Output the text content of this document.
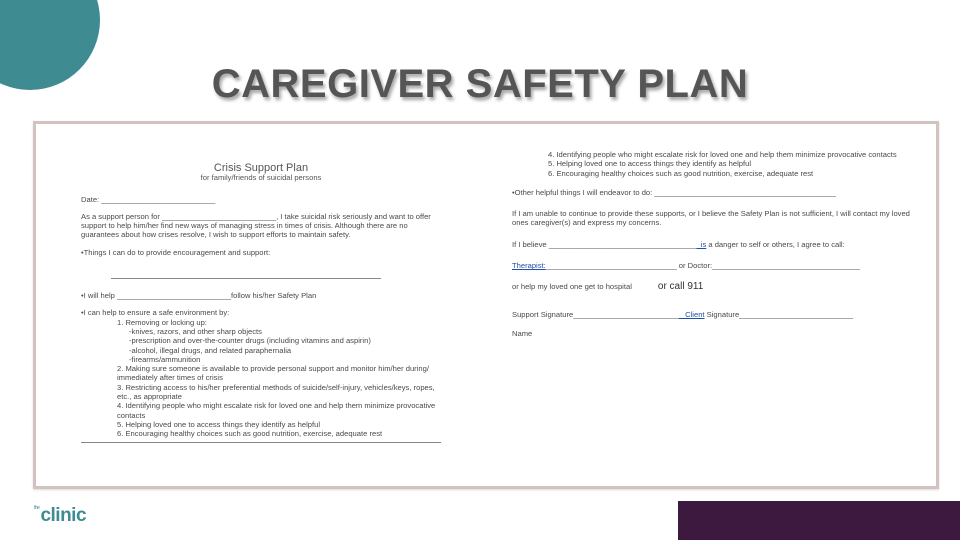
CAREGIVER SAFETY PLAN
Crisis Support Plan
for family/friends of suicidal persons
Date: ___________________________
As a support person for ___________________________, I take suicidal risk seriously and want to offer support to help him/her find new ways of managing stress in times of crisis. Although there are no guarantees about how crises resolve, I wish to support efforts to maintain safety.
•Things I can do to provide encouragement and support:
•I will help ___________________________follow his/her Safety Plan
•I can help to ensure a safe environment by:
1. Removing or locking up:
-knives, razors, and other sharp objects
-prescription and over-the-counter drugs (including vitamins and aspirin)
-alcohol, illegal drugs, and related paraphernalia
-firearms/ammunition
2. Making sure someone is available to provide personal support and monitor him/her during/ immediately after times of crisis
3. Restricting access to his/her preferential methods of suicide/self-injury, vehicles/keys, ropes, etc., as appropriate
4. Identifying people who might escalate risk for loved one and help them minimize provocative contacts
5. Helping loved one to access things they identify as helpful
6. Encouraging healthy choices such as good nutrition, exercise, adequate rest
4. Identifying people who might escalate risk for loved one and help them minimize provocative contacts
5. Helping loved one to access things they identify as helpful
6. Encouraging healthy choices such as good nutrition, exercise, adequate rest
•Other helpful things I will endeavor to do: ___________________________________________
If I am unable to continue to provide these supports, or I believe the Safety Plan is not sufficient, I will contact my loved ones caregiver(s) and express my concerns.
If I believe ____________________________________is a danger to self or others, I agree to call:
Therapist:_______________________________ or Doctor:___________________________________
or help my loved one get to hospital	or call 911
Support Signature__________________________ Client Signature___________________________
Name
$^{the}$clinic
